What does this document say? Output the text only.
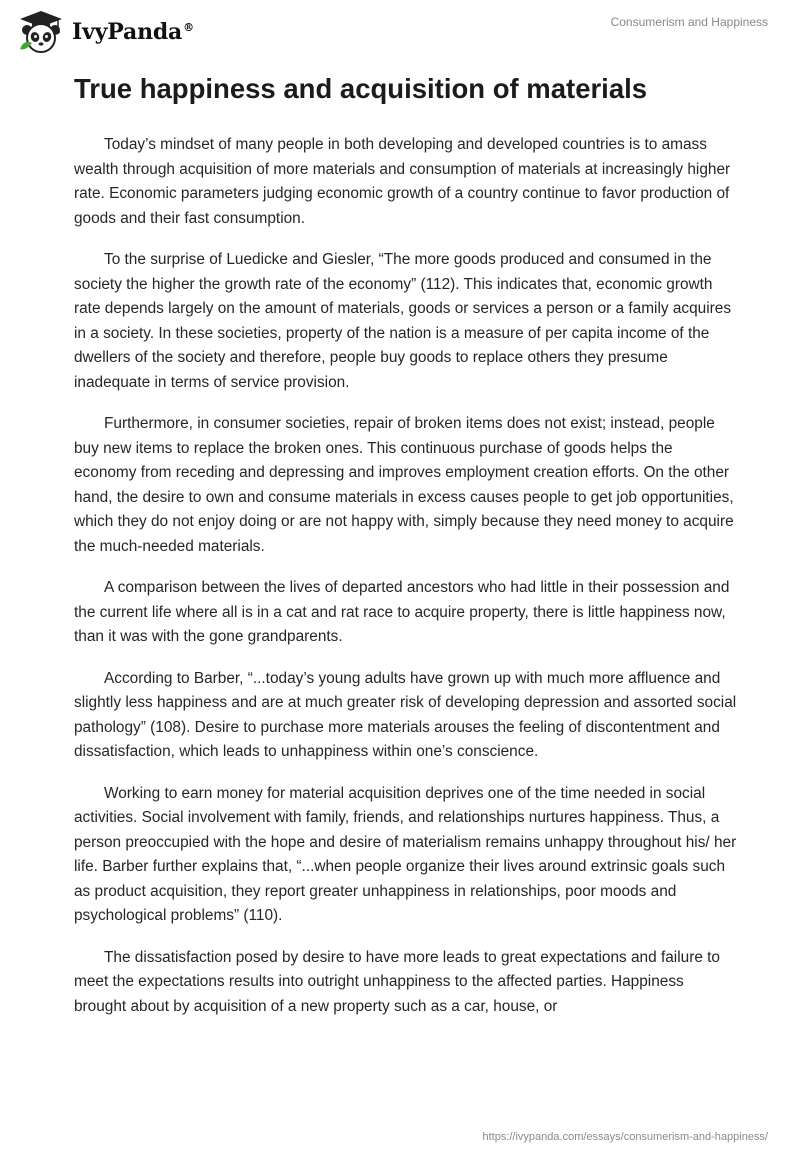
IvyPanda®	Consumerism and Happiness
True happiness and acquisition of materials

Today’s mindset of many people in both developing and developed countries is to amass wealth through acquisition of more materials and consumption of materials at increasingly higher rate. Economic parameters judging economic growth of a country continue to favor production of goods and their fast consumption.

To the surprise of Luedicke and Giesler, “The more goods produced and consumed in the society the higher the growth rate of the economy” (112). This indicates that, economic growth rate depends largely on the amount of materials, goods or services a person or a family acquires in a society. In these societies, property of the nation is a measure of per capita income of the dwellers of the society and therefore, people buy goods to replace others they presume inadequate in terms of service provision.

Furthermore, in consumer societies, repair of broken items does not exist; instead, people buy new items to replace the broken ones. This continuous purchase of goods helps the economy from receding and depressing and improves employment creation efforts. On the other hand, the desire to own and consume materials in excess causes people to get job opportunities, which they do not enjoy doing or are not happy with, simply because they need money to acquire the much-needed materials.

A comparison between the lives of departed ancestors who had little in their possession and the current life where all is in a cat and rat race to acquire property, there is little happiness now, than it was with the gone grandparents.

According to Barber, “...today’s young adults have grown up with much more affluence and slightly less happiness and are at much greater risk of developing depression and assorted social pathology” (108). Desire to purchase more materials arouses the feeling of discontentment and dissatisfaction, which leads to unhappiness within one’s conscience.

Working to earn money for material acquisition deprives one of the time needed in social activities. Social involvement with family, friends, and relationships nurtures happiness. Thus, a person preoccupied with the hope and desire of materialism remains unhappy throughout his/ her life. Barber further explains that, “...when people organize their lives around extrinsic goals such as product acquisition, they report greater unhappiness in relationships, poor moods and psychological problems” (110).

The dissatisfaction posed by desire to have more leads to great expectations and failure to meet the expectations results into outright unhappiness to the affected parties. Happiness brought about by acquisition of a new property such as a car, house, or

https://ivypanda.com/essays/consumerism-and-happiness/
